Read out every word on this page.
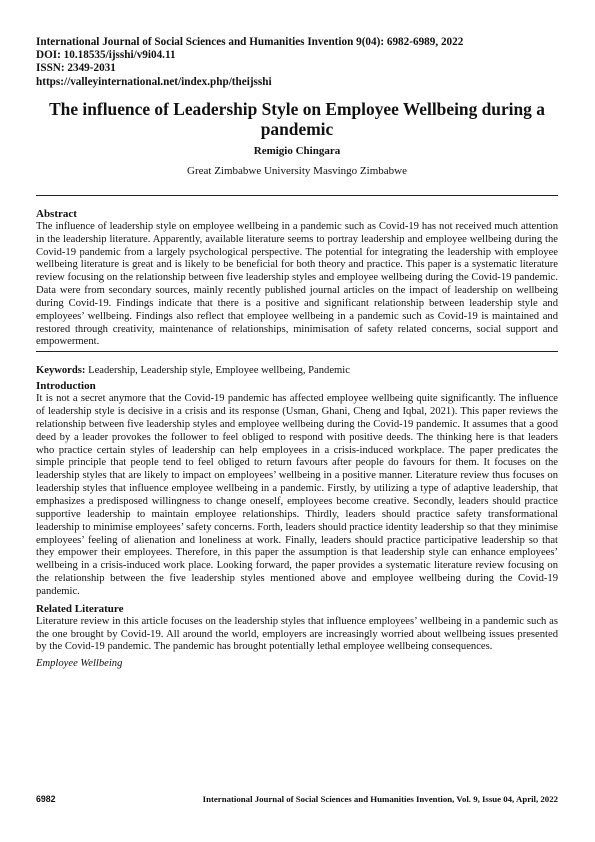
International Journal of Social Sciences and Humanities Invention 9(04): 6982-6989, 2022
DOI: 10.18535/ijsshi/v9i04.11
ISSN: 2349-2031
https://valleyinternational.net/index.php/theijsshi
The influence of Leadership Style on Employee Wellbeing during a pandemic
Remigio Chingara
Great Zimbabwe University Masvingo Zimbabwe
Abstract

The influence of leadership style on employee wellbeing in a pandemic such as Covid-19 has not received much attention in the leadership literature. Apparently, available literature seems to portray leadership and employee wellbeing during the Covid-19 pandemic from a largely psychological perspective. The potential for integrating the leadership with employee wellbeing literature is great and is likely to be beneficial for both theory and practice. This paper is a systematic literature review focusing on the relationship between five leadership styles and employee wellbeing during the Covid-19 pandemic. Data were from secondary sources, mainly recently published journal articles on the impact of leadership on wellbeing during Covid-19. Findings indicate that there is a positive and significant relationship between leadership style and employees’ wellbeing. Findings also reflect that employee wellbeing in a pandemic such as Covid-19 is maintained and restored through creativity, maintenance of relationships, minimisation of safety related concerns, social support and empowerment.

Keywords: Leadership, Leadership style, Employee wellbeing, Pandemic
Introduction

It is not a secret anymore that the Covid-19 pandemic has affected employee wellbeing quite significantly. The influence of leadership style is decisive in a crisis and its response (Usman, Ghani, Cheng and Iqbal, 2021). This paper reviews the relationship between five leadership styles and employee wellbeing during the Covid-19 pandemic. It assumes that a good deed by a leader provokes the follower to feel obliged to respond with positive deeds. The thinking here is that leaders who practice certain styles of leadership can help employees in a crisis-induced workplace. The paper predicates the simple principle that people tend to feel obliged to return favours after people do favours for them. It focuses on the leadership styles that are likely to impact on employees’ wellbeing in a positive manner. Literature review thus focuses on leadership styles that influence employee wellbeing in a pandemic. Firstly, by utilizing a type of adaptive leadership, that emphasizes a predisposed willingness to change oneself, employees become creative. Secondly, leaders should practice supportive leadership to maintain employee relationships. Thirdly, leaders should practice safety transformational leadership to minimise employees’ safety concerns. Forth, leaders should practice identity leadership so that they minimise employees’ feeling of alienation and loneliness at work. Finally, leaders should practice participative leadership so that they empower their employees. Therefore, in this paper the assumption is that leadership style can enhance employees’ wellbeing in a crisis-induced work place. Looking forward, the paper provides a systematic literature review focusing on the relationship between the five leadership styles mentioned above and employee wellbeing during the Covid-19 pandemic.

Related Literature

Literature review in this article focuses on the leadership styles that influence employees’ wellbeing in a pandemic such as the one brought by Covid-19. All around the world, employers are increasingly worried about wellbeing issues presented by the Covid-19 pandemic. The pandemic has brought potentially lethal employee wellbeing consequences.

Employee Wellbeing
6982	International Journal of Social Sciences and Humanities Invention, Vol. 9, Issue 04, April, 2022
